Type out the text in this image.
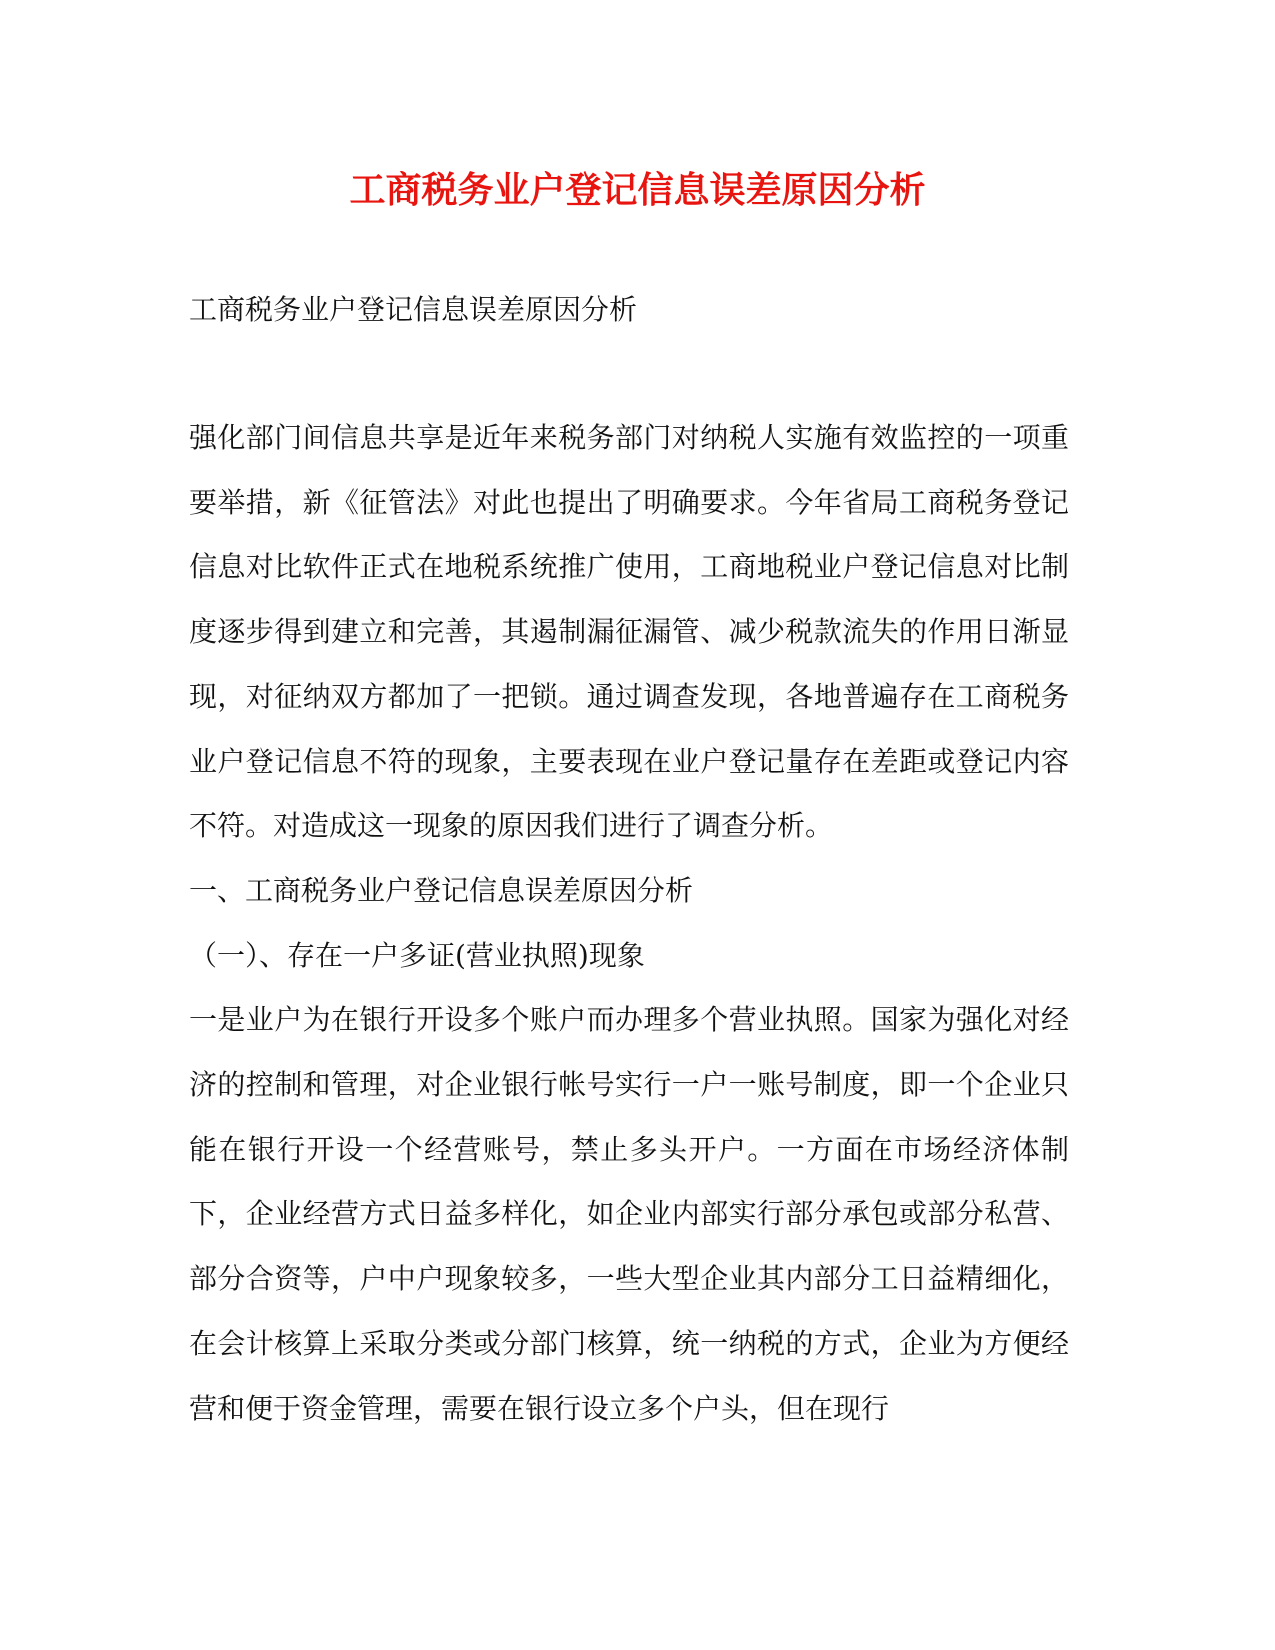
工商税务业户登记信息误差原因分析
工商税务业户登记信息误差原因分析

强化部门间信息共享是近年来税务部门对纳税人实施有效监控的一项重要举措，新《征管法》对此也提出了明确要求。今年省局工商税务登记信息对比软件正式在地税系统推广使用，工商地税业户登记信息对比制度逐步得到建立和完善，其遏制漏征漏管、减少税款流失的作用日渐显现，对征纳双方都加了一把锁。通过调查发现，各地普遍存在工商税务业户登记信息不符的现象，主要表现在业户登记量存在差距或登记内容不符。对造成这一现象的原因我们进行了调查分析。

一、工商税务业户登记信息误差原因分析

（一）、存在一户多证(营业执照)现象

一是业户为在银行开设多个账户而办理多个营业执照。国家为强化对经济的控制和管理，对企业银行帐号实行一户一账号制度，即一个企业只能在银行开设一个经营账号，禁止多头开户。一方面在市场经济体制下，企业经营方式日益多样化，如企业内部实行部分承包或部分私营、部分合资等，户中户现象较多，一些大型企业其内部分工日益精细化，在会计核算上采取分类或分部门核算，统一纳税的方式，企业为方便经营和便于资金管理，需要在银行设立多个户头，但在现行
